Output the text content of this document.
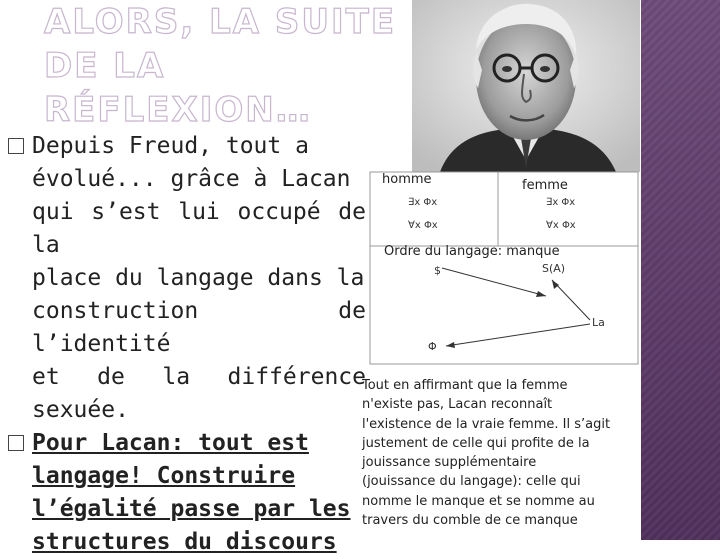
ALORS, LA SUITE DE LA
RÉFLEXION…
homme	femme
∃x Φx
∀x Φx
∃x Φx
∀x Φx
Ordre du langage: manque
$	S(A)
La
Φ
Depuis Freud, tout a
évolué... grâce à Lacan
qui s’est lui occupé de la
place du langage dans la
construction de l’identité
et de la différence sexuée.
Pour Lacan: tout est
langage! Construire
l’égalité passe par les
structures du discours

Tout en affirmant que la femme
n'existe pas, Lacan reconnaît
l'existence de la vraie femme. Il s’agit
justement de celle qui profite de la
jouissance supplémentaire
(jouissance du langage): celle qui
nomme le manque et se nomme au
travers du comble de ce manque
